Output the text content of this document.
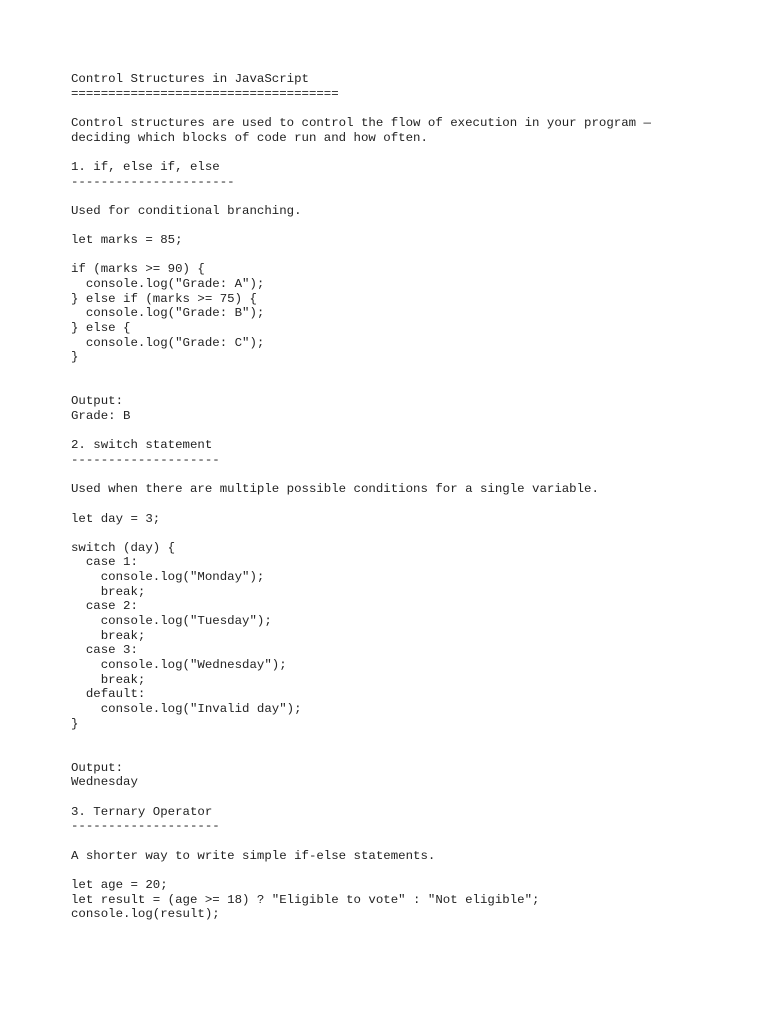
Control Structures in JavaScript
====================================
Control structures are used to control the flow of execution in your program —
deciding which blocks of code run and how often.
1. if, else if, else
----------------------
Used for conditional branching.
let marks = 85;
if (marks >= 90) {
console.log("Grade: A");
} else if (marks >= 75) {
console.log("Grade: B");
} else {
console.log("Grade: C");
}
Output:
Grade: B
2. switch statement
--------------------
Used when there are multiple possible conditions for a single variable.
let day = 3;
switch (day) {
case 1:
console.log("Monday");
break;
case 2:
console.log("Tuesday");
break;
case 3:
console.log("Wednesday");
break;
default:
console.log("Invalid day");
}
Output:
Wednesday
3. Ternary Operator
--------------------
A shorter way to write simple if-else statements.
let age = 20;
let result = (age >= 18) ? "Eligible to vote" : "Not eligible";
console.log(result);
